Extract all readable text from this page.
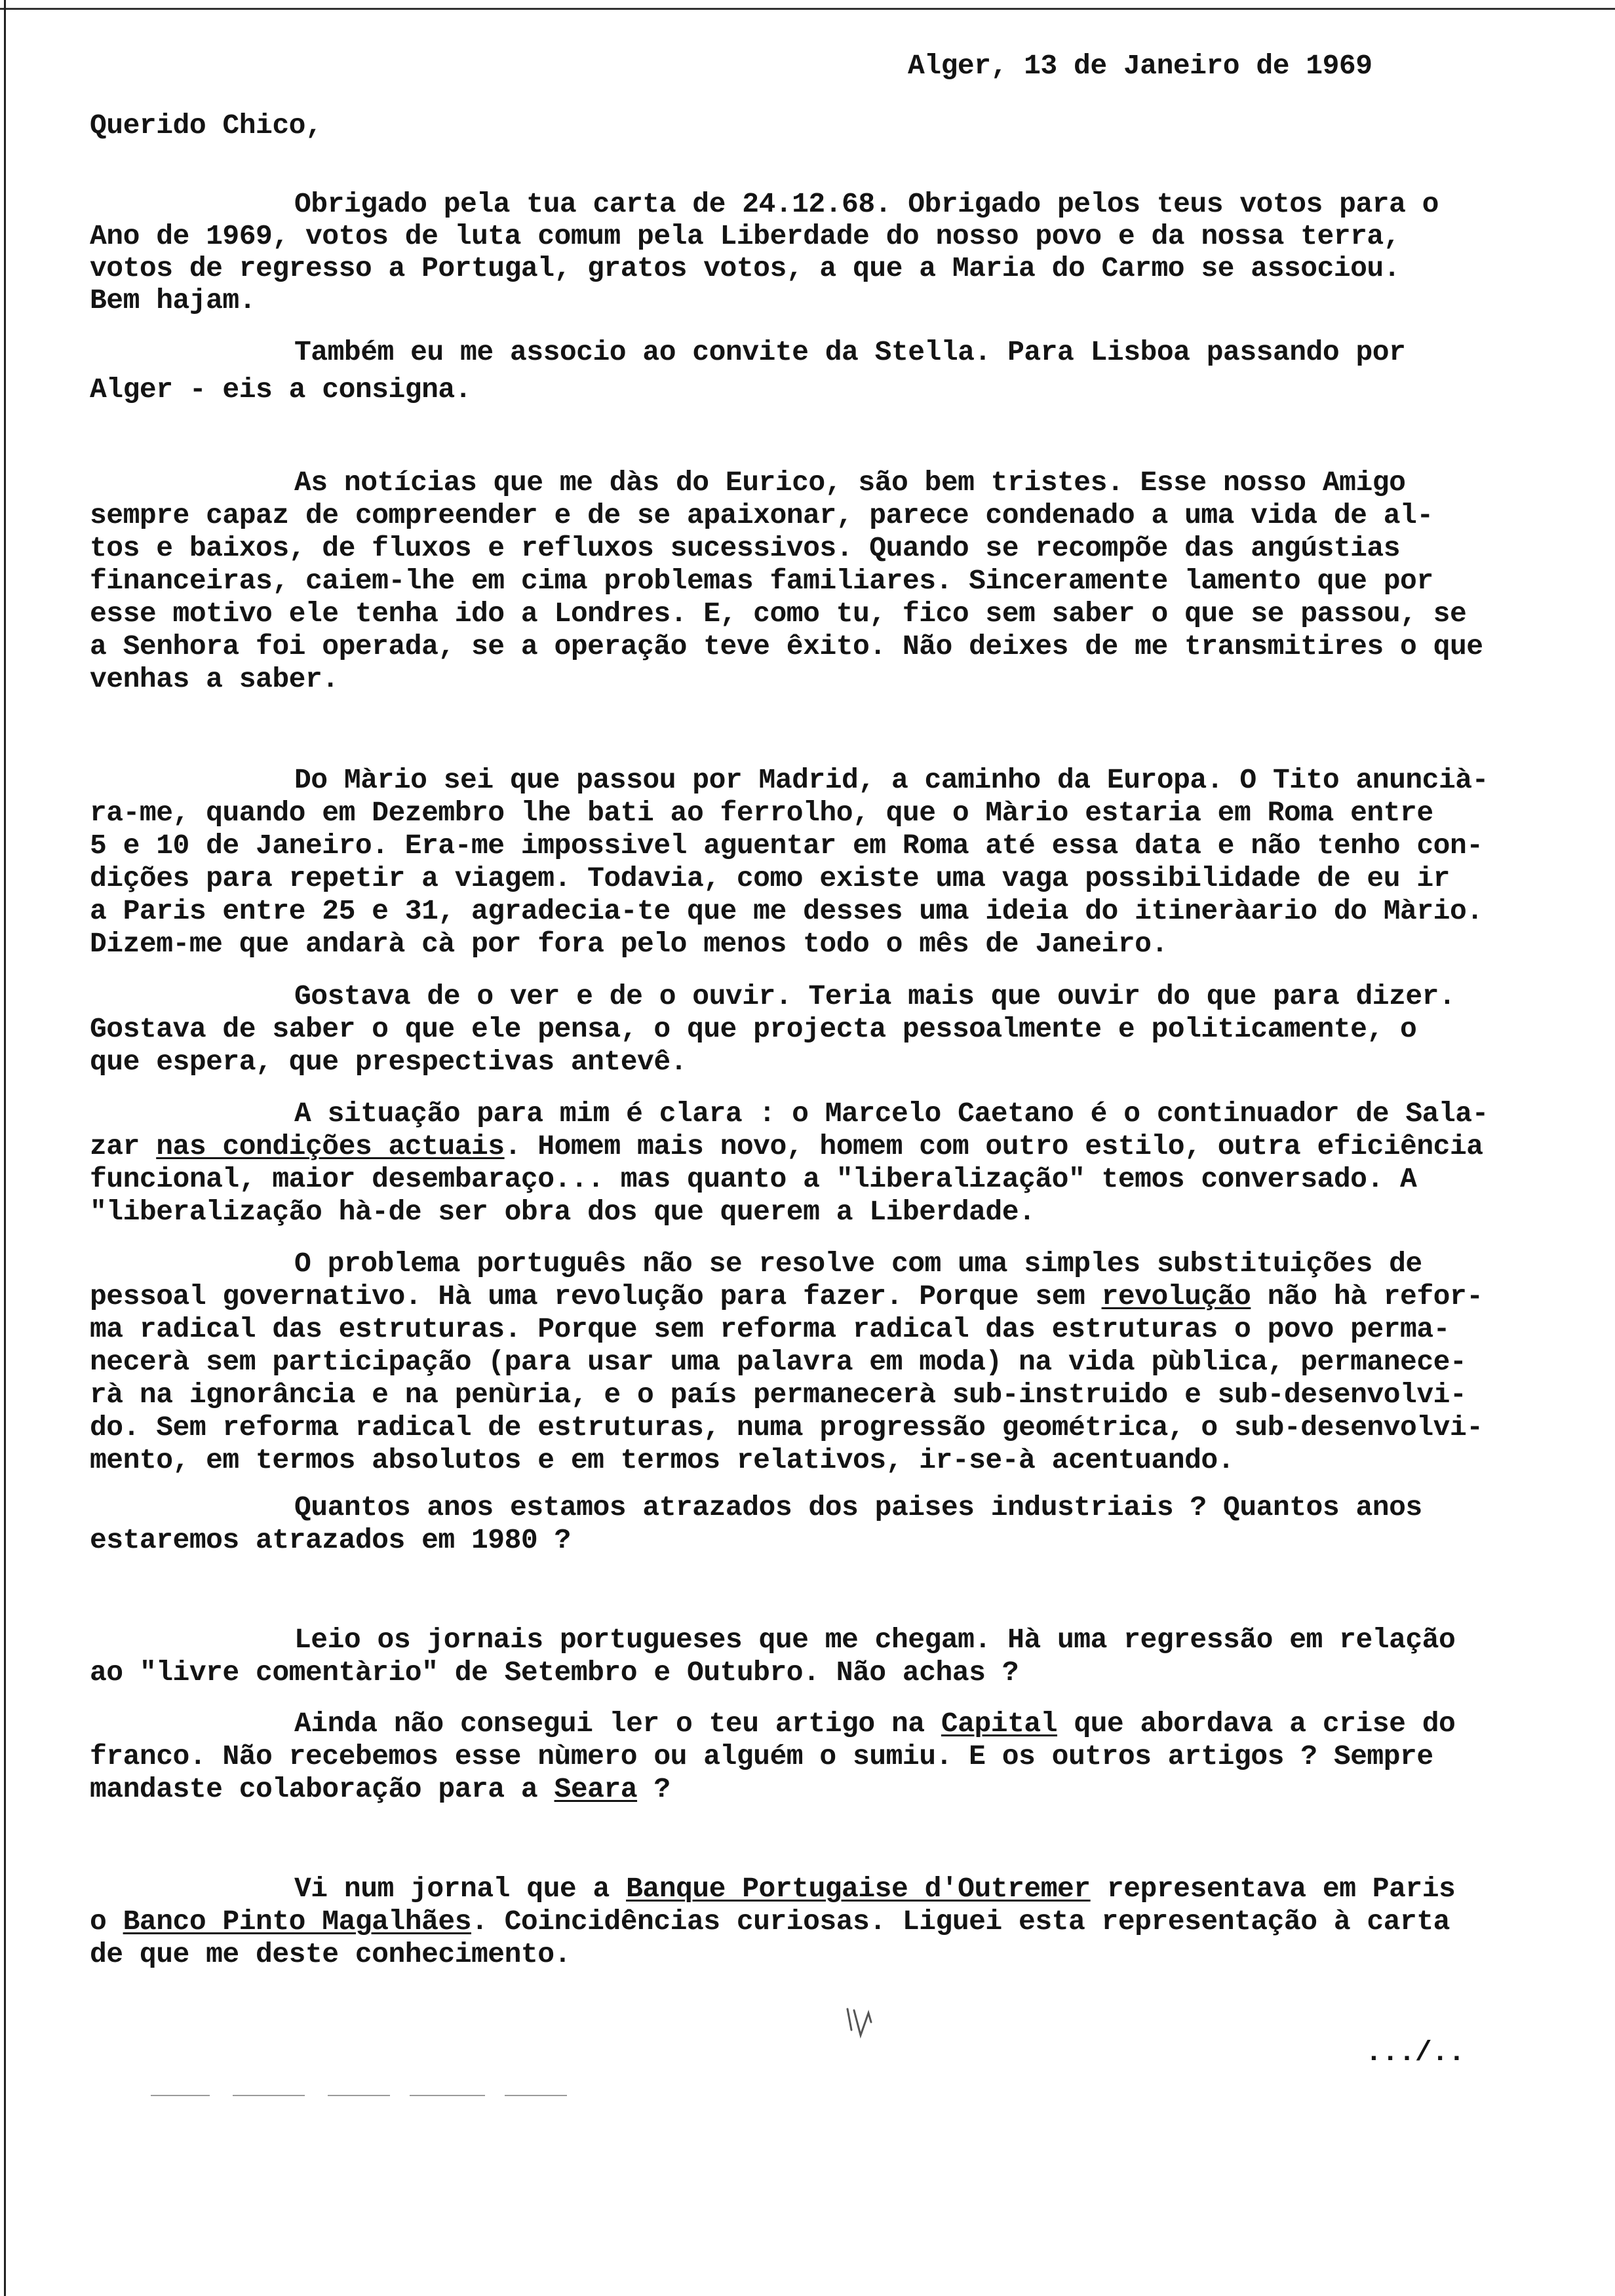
Alger, 13 de Janeiro de 1969
Querido Chico,
Obrigado pela tua carta de 24.12.68. Obrigado pelos teus votos para o
Ano de 1969, votos de luta comum pela Liberdade do nosso povo e da nossa terra,
votos de regresso a Portugal, gratos votos, a que a Maria do Carmo se associou.
Bem hajam.
Também eu me associo ao convite da Stella. Para Lisboa passando por
Alger - eis a consigna.
As notícias que me dàs do Eurico, são bem tristes. Esse nosso Amigo
sempre capaz de compreender e de se apaixonar, parece condenado a uma vida de al-
tos e baixos, de fluxos e refluxos sucessivos. Quando se recompõe das angústias
financeiras, caiem-lhe em cima problemas familiares. Sinceramente lamento que por
esse motivo ele tenha ido a Londres. E, como tu, fico sem saber o que se passou, se
a Senhora foi operada, se a operação teve êxito. Não deixes de me transmitires o que
venhas a saber.
Do Màrio sei que passou por Madrid, a caminho da Europa. O Tito anuncià-
ra-me, quando em Dezembro lhe bati ao ferrolho, que o Màrio estaria em Roma entre
5 e 10 de Janeiro. Era-me impossivel aguentar em Roma até essa data e não tenho con-
dições para repetir a viagem. Todavia, como existe uma vaga possibilidade de eu ir
a Paris entre 25 e 31, agradecia-te que me desses uma ideia do itineràario do Màrio.
Dizem-me que andarà cà por fora pelo menos todo o mês de Janeiro.
Gostava de o ver e de o ouvir. Teria mais que ouvir do que para dizer.
Gostava de saber o que ele pensa, o que projecta pessoalmente e politicamente, o
que espera, que prespectivas antevê.
A situação para mim é clara : o Marcelo Caetano é o continuador de Sala-
zar nas condições actuais. Homem mais novo, homem com outro estilo, outra eficiência
funcional, maior desembaraço... mas quanto a "liberalização" temos conversado. A
"liberalização hà-de ser obra dos que querem a Liberdade.
O problema português não se resolve com uma simples substituições de
pessoal governativo. Hà uma revolução para fazer. Porque sem revolução não hà refor-
ma radical das estruturas. Porque sem reforma radical das estruturas o povo perma-
necerà sem participação (para usar uma palavra em moda) na vida pùblica, permanece-
rà na ignorância e na penùria, e o país permanecerà sub-instruido e sub-desenvolvi-
do. Sem reforma radical de estruturas, numa progressão geométrica, o sub-desenvolvi-
mento, em termos absolutos e em termos relativos, ir-se-à acentuando.
Quantos anos estamos atrazados dos paises industriais ? Quantos anos
estaremos atrazados em 1980 ?
Leio os jornais portugueses que me chegam. Hà uma regressão em relação
ao "livre comentàrio" de Setembro e Outubro. Não achas ?
Ainda não consegui ler o teu artigo na Capital que abordava a crise do
franco. Não recebemos esse nùmero ou alguém o sumiu. E os outros artigos ? Sempre
mandaste colaboração para a Seara ?
Vi num jornal que a Banque Portugaise d'Outremer representava em Paris
o Banco Pinto Magalhães. Coincidências curiosas. Liguei esta representação à carta
de que me deste conhecimento.
.../..
